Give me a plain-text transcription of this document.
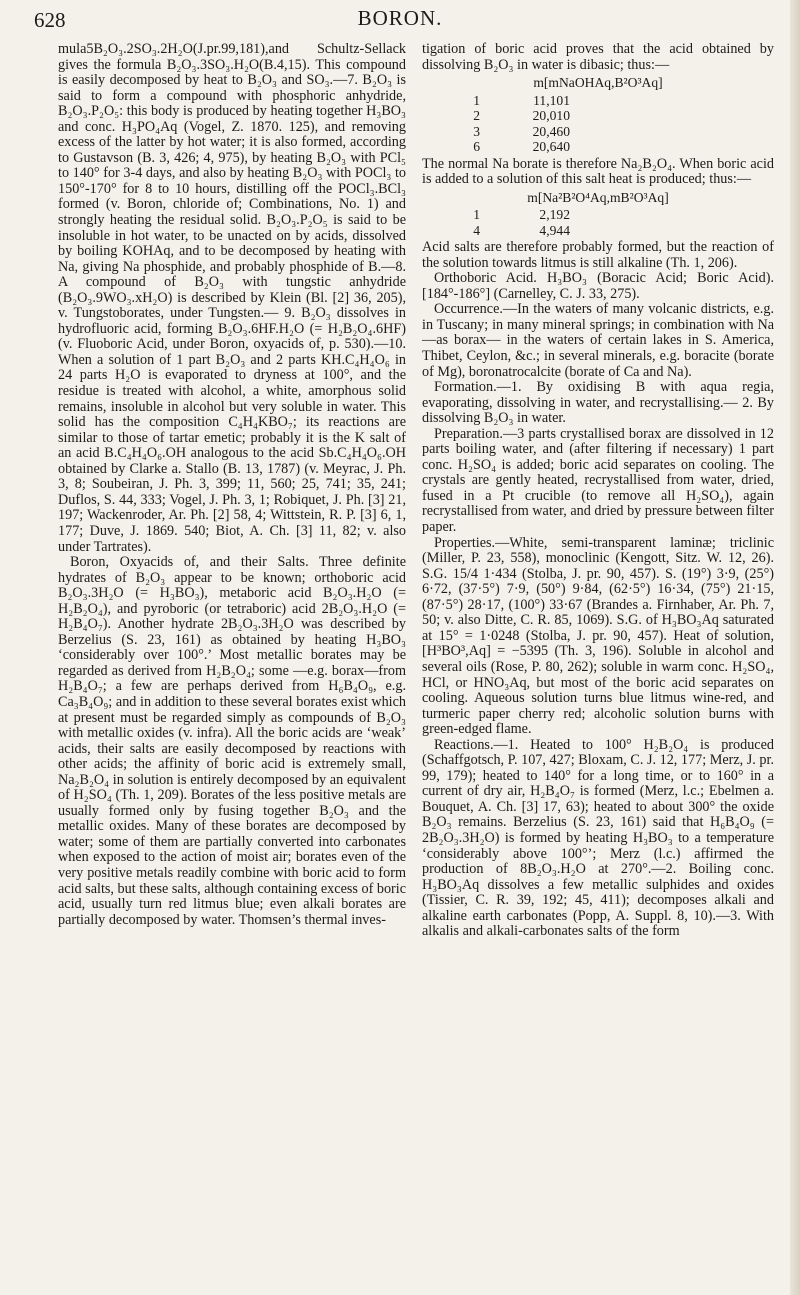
628	BORON.

mula5B₂O₃.2SO₃.2H₂O(J.pr.99,181),and Schultz-Sellack gives the formula B₂O₃.3SO₃.H₂O(B.4,15). This compound is easily decomposed by heat to B₂O₃ and SO₃.—7. B₂O₃ is said to form a compound with phosphoric anhydride, B₂O₃.P₂O₅: this body is produced by heating together H₃BO₃ and conc. H₃PO₄Aq (Vogel, Z. 1870. 125), and removing excess of the latter by hot water; it is also formed, according to Gustavson (B. 3, 426; 4, 975), by heating B₂O₃ with PCl₅ to 140° for 3-4 days, and also by heating B₂O₃ with POCl₃ to 150°-170° for 8 to 10 hours, distilling off the POCl₃.BCl₃ formed (v. Boron, chloride of; Combinations, No. 1) and strongly heating the residual solid. B₂O₃.P₂O₅ is said to be insoluble in hot water, to be unacted on by acids, dissolved by boiling KOHAq, and to be decomposed by heating with Na, giving Na phosphide, and probably phosphide of B.—8. A compound of B₂O₃ with tungstic anhydride (B₂O₃.9WO₃.xH₂O) is described by Klein (Bl. [2] 36, 205), v. Tungstoborates, under Tungsten.— 9. B₂O₃ dissolves in hydrofluoric acid, forming B₂O₃.6HF.H₂O (= H₂B₂O₄.6HF) (v. Fluoboric Acid, under Boron, oxyacids of, p. 530).—10. When a solution of 1 part B₂O₃ and 2 parts KH.C₄H₄O₆ in 24 parts H₂O is evaporated to dryness at 100°, and the residue is treated with alcohol, a white, amorphous solid remains, insoluble in alcohol but very soluble in water. This solid has the composition C₄H₄KBO₇; its reactions are similar to those of tartar emetic; probably it is the K salt of an acid B.C₄H₄O₆.OH analogous to the acid Sb.C₄H₄O₆.OH obtained by Clarke a. Stallo (B. 13, 1787) (v. Meyrac, J. Ph. 3, 8; Soubeiran, J. Ph. 3, 399; 11, 560; 25, 741; 35, 241; Duflos, S. 44, 333; Vogel, J. Ph. 3, 1; Robiquet, J. Ph. [3] 21, 197; Wackenroder, Ar. Ph. [2] 58, 4; Wittstein, R. P. [3] 6, 1, 177; Duve, J. 1869. 540; Biot, A. Ch. [3] 11, 82; v. also under Tartrates).

Boron, Oxyacids of, and their Salts. Three definite hydrates of B₂O₃ appear to be known; orthoboric acid B₂O₃.3H₂O (= H₃BO₃), metaboric acid B₂O₃.H₂O (= H₂B₂O₄), and pyroboric (or tetraboric) acid 2B₂O₃.H₂O (= H₂B₄O₇). Another hydrate 2B₂O₃.3H₂O was described by Berzelius (S. 23, 161) as obtained by heating H₃BO₃ ‘considerably over 100°.’ Most metallic borates may be regarded as derived from H₂B₂O₄; some —e.g. borax—from H₂B₄O₇; a few are perhaps derived from H₆B₄O₉, e.g. Ca₃B₄O₉; and in addition to these several borates exist which at present must be regarded simply as compounds of B₂O₃ with metallic oxides (v. infra). All the boric acids are ‘weak’ acids, their salts are easily decomposed by reactions with other acids; the affinity of boric acid is extremely small, Na₂B₂O₄ in solution is entirely decomposed by an equivalent of H₂SO₄ (Th. 1, 209). Borates of the less positive metals are usually formed only by fusing together B₂O₃ and the metallic oxides. Many of these borates are decomposed by water; some of them are partially converted into carbonates when exposed to the action of moist air; borates even of the very positive metals readily combine with boric acid to form acid salts, but these salts, although containing excess of boric acid, usually turn red litmus blue; even alkali borates are partially decomposed by water. Thomsen’s thermal inves-

tigation of boric acid proves that the acid obtained by dissolving B₂O₃ in water is dibasic; thus:—

m[mNaOHAq,B²O³Aq]
1	11,101
2	20,010
3	20,460
6	20,640

The normal Na borate is therefore Na₂B₂O₄. When boric acid is added to a solution of this salt heat is produced; thus:—

m[Na²B²O⁴Aq,mB²O³Aq]
1	2,192
4	4,944

Acid salts are therefore probably formed, but the reaction of the solution towards litmus is still alkaline (Th. 1, 206).

Orthoboric Acid. H₃BO₃ (Boracic Acid; Boric Acid). [184°-186°] (Carnelley, C. J. 33, 275).

Occurrence.—In the waters of many volcanic districts, e.g. in Tuscany; in many mineral springs; in combination with Na—as borax— in the waters of certain lakes in S. America, Thibet, Ceylon, &c.; in several minerals, e.g. boracite (borate of Mg), boronatrocalcite (borate of Ca and Na).

Formation.—1. By oxidising B with aqua regia, evaporating, dissolving in water, and recrystallising.— 2. By dissolving B₂O₃ in water.

Preparation.—3 parts crystallised borax are dissolved in 12 parts boiling water, and (after filtering if necessary) 1 part conc. H₂SO₄ is added; boric acid separates on cooling. The crystals are gently heated, recrystallised from water, dried, fused in a Pt crucible (to remove all H₂SO₄), again recrystallised from water, and dried by pressure between filter paper.

Properties.—White, semi-transparent laminæ; triclinic (Miller, P. 23, 558), monoclinic (Kengott, Sitz. W. 12, 26). S.G. 15/4 1·434 (Stolba, J. pr. 90, 457). S. (19°) 3·9, (25°) 6·72, (37·5°) 7·9, (50°) 9·84, (62·5°) 16·34, (75°) 21·15, (87·5°) 28·17, (100°) 33·67 (Brandes a. Firnhaber, Ar. Ph. 7, 50; v. also Ditte, C. R. 85, 1069). S.G. of H₃BO₃Aq saturated at 15° = 1·0248 (Stolba, J. pr. 90, 457). Heat of solution, [H³BO³,Aq] = −5395 (Th. 3, 196). Soluble in alcohol and several oils (Rose, P. 80, 262); soluble in warm conc. H₂SO₄, HCl, or HNO₃Aq, but most of the boric acid separates on cooling. Aqueous solution turns blue litmus wine-red, and turmeric paper cherry red; alcoholic solution burns with green-edged flame.

Reactions.—1. Heated to 100° H₂B₂O₄ is produced (Schaffgotsch, P. 107, 427; Bloxam, C. J. 12, 177; Merz, J. pr. 99, 179); heated to 140° for a long time, or to 160° in a current of dry air, H₂B₄O₇ is formed (Merz, l.c.; Ebelmen a. Bouquet, A. Ch. [3] 17, 63); heated to about 300° the oxide B₂O₃ remains. Berzelius (S. 23, 161) said that H₆B₄O₉ (= 2B₂O₃.3H₂O) is formed by heating H₃BO₃ to a temperature ‘considerably above 100°’; Merz (l.c.) affirmed the production of 8B₂O₃.H₂O at 270°.—2. Boiling conc. H₃BO₃Aq dissolves a few metallic sulphides and oxides (Tissier, C. R. 39, 192; 45, 411); decomposes alkali and alkaline earth carbonates (Popp, A. Suppl. 8, 10).—3. With alkalis and alkali-carbonates salts of the form
